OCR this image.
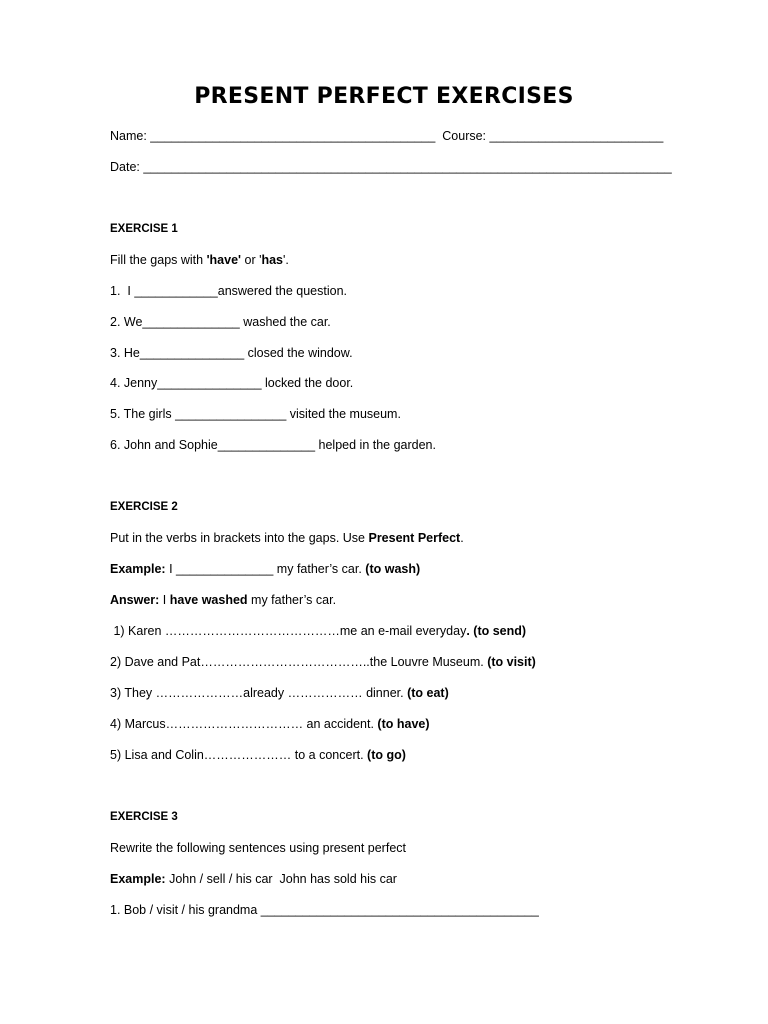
PRESENT PERFECT EXERCISES
Name: _________________________________________  Course: _________________________
Date: ____________________________________________________________________________
EXERCISE 1
Fill the gaps with 'have' or 'has'.
1.  I ____________answered the question.
2. We______________ washed the car.
3. He_______________ closed the window.
4. Jenny_______________ locked the door.
5. The girls ________________ visited the museum.
6. John and Sophie______________ helped in the garden.
EXERCISE 2
Put in the verbs in brackets into the gaps. Use Present Perfect.
Example: I ______________ my father’s car. (to wash)
Answer: I have washed my father’s car.
1) Karen ……………………………………me an e-mail everyday. (to send)
2) Dave and Pat…………………………………..the Louvre Museum. (to visit)
3) They …………………already ……………… dinner. (to eat)
4) Marcus…………………………… an accident. (to have)
5) Lisa and Colin………………… to a concert. (to go)
EXERCISE 3
Rewrite the following sentences using present perfect
Example: John / sell / his car  John has sold his car
1. Bob / visit / his grandma ________________________________________
